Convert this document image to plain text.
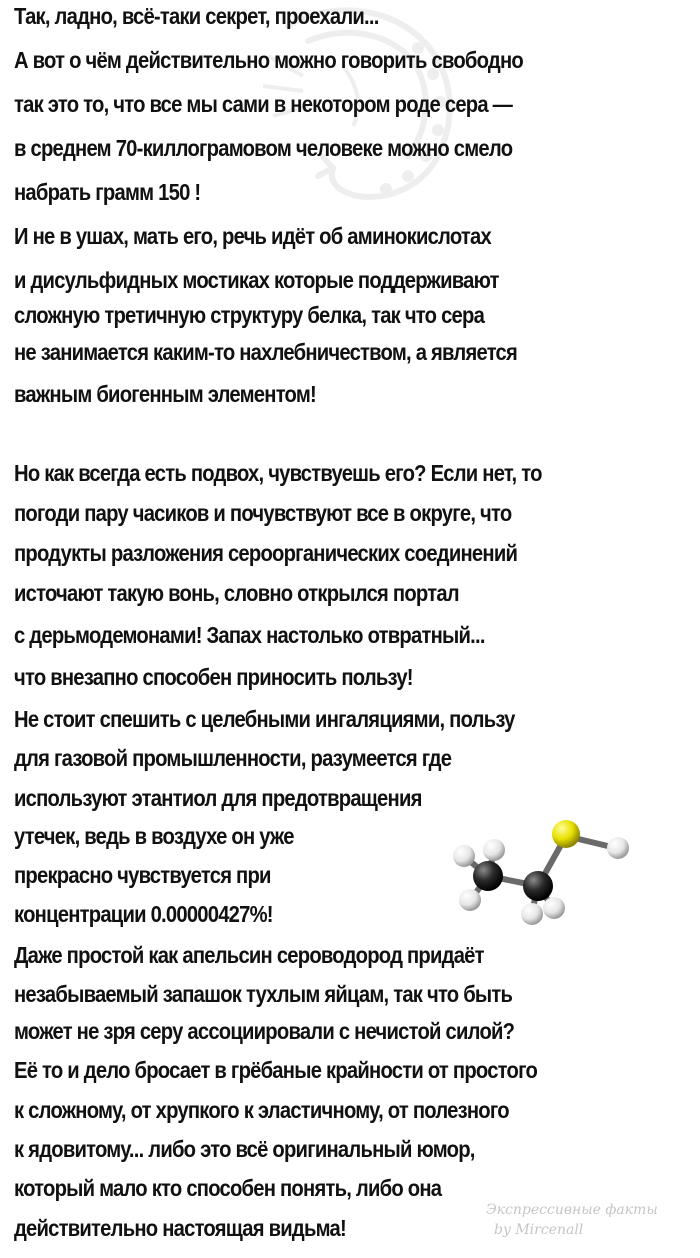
Так, ладно, всё-таки секрет, проехали...
А вот о чём действительно можно говорить свободно
так это то, что все мы сами в некотором роде сера —
в среднем 70-киллограмовом человеке можно смело
набрать грамм 150 !
И не в ушах, мать его, речь идёт об аминокислотах
и дисульфидных мостиках которые поддерживают
сложную третичную структуру белка, так что сера
не занимается каким-то нахлебничеством, а является
важным биогенным элементом!
Но как всегда есть подвох, чувствуешь его? Если нет, то
погоди пару часиков и почувствуют все в округе, что
продукты разложения сероорганических соединений
источают такую вонь, словно открылся портал
с дерьмодемонами! Запах настолько отвратный...
что внезапно способен приносить пользу!
Не стоит спешить с целебными ингаляциями, пользу
для газовой промышленности, разумеется где
используют этантиол для предотвращения
утечек, ведь в воздухе он уже
прекрасно чувствуется при
концентрации 0.00000427%!
Даже простой как апельсин сероводород придаёт
незабываемый запашок тухлым яйцам, так что быть
может не зря серу ассоциировали с нечистой силой?
Её то и дело бросает в грёбаные крайности от простого
к сложному, от хрупкого к эластичному, от полезного
к ядовитому... либо это всё оригинальный юмор,
который мало кто способен понять, либо она
действительно настоящая видьма!
Экспрессивные факты
by Mircenall
